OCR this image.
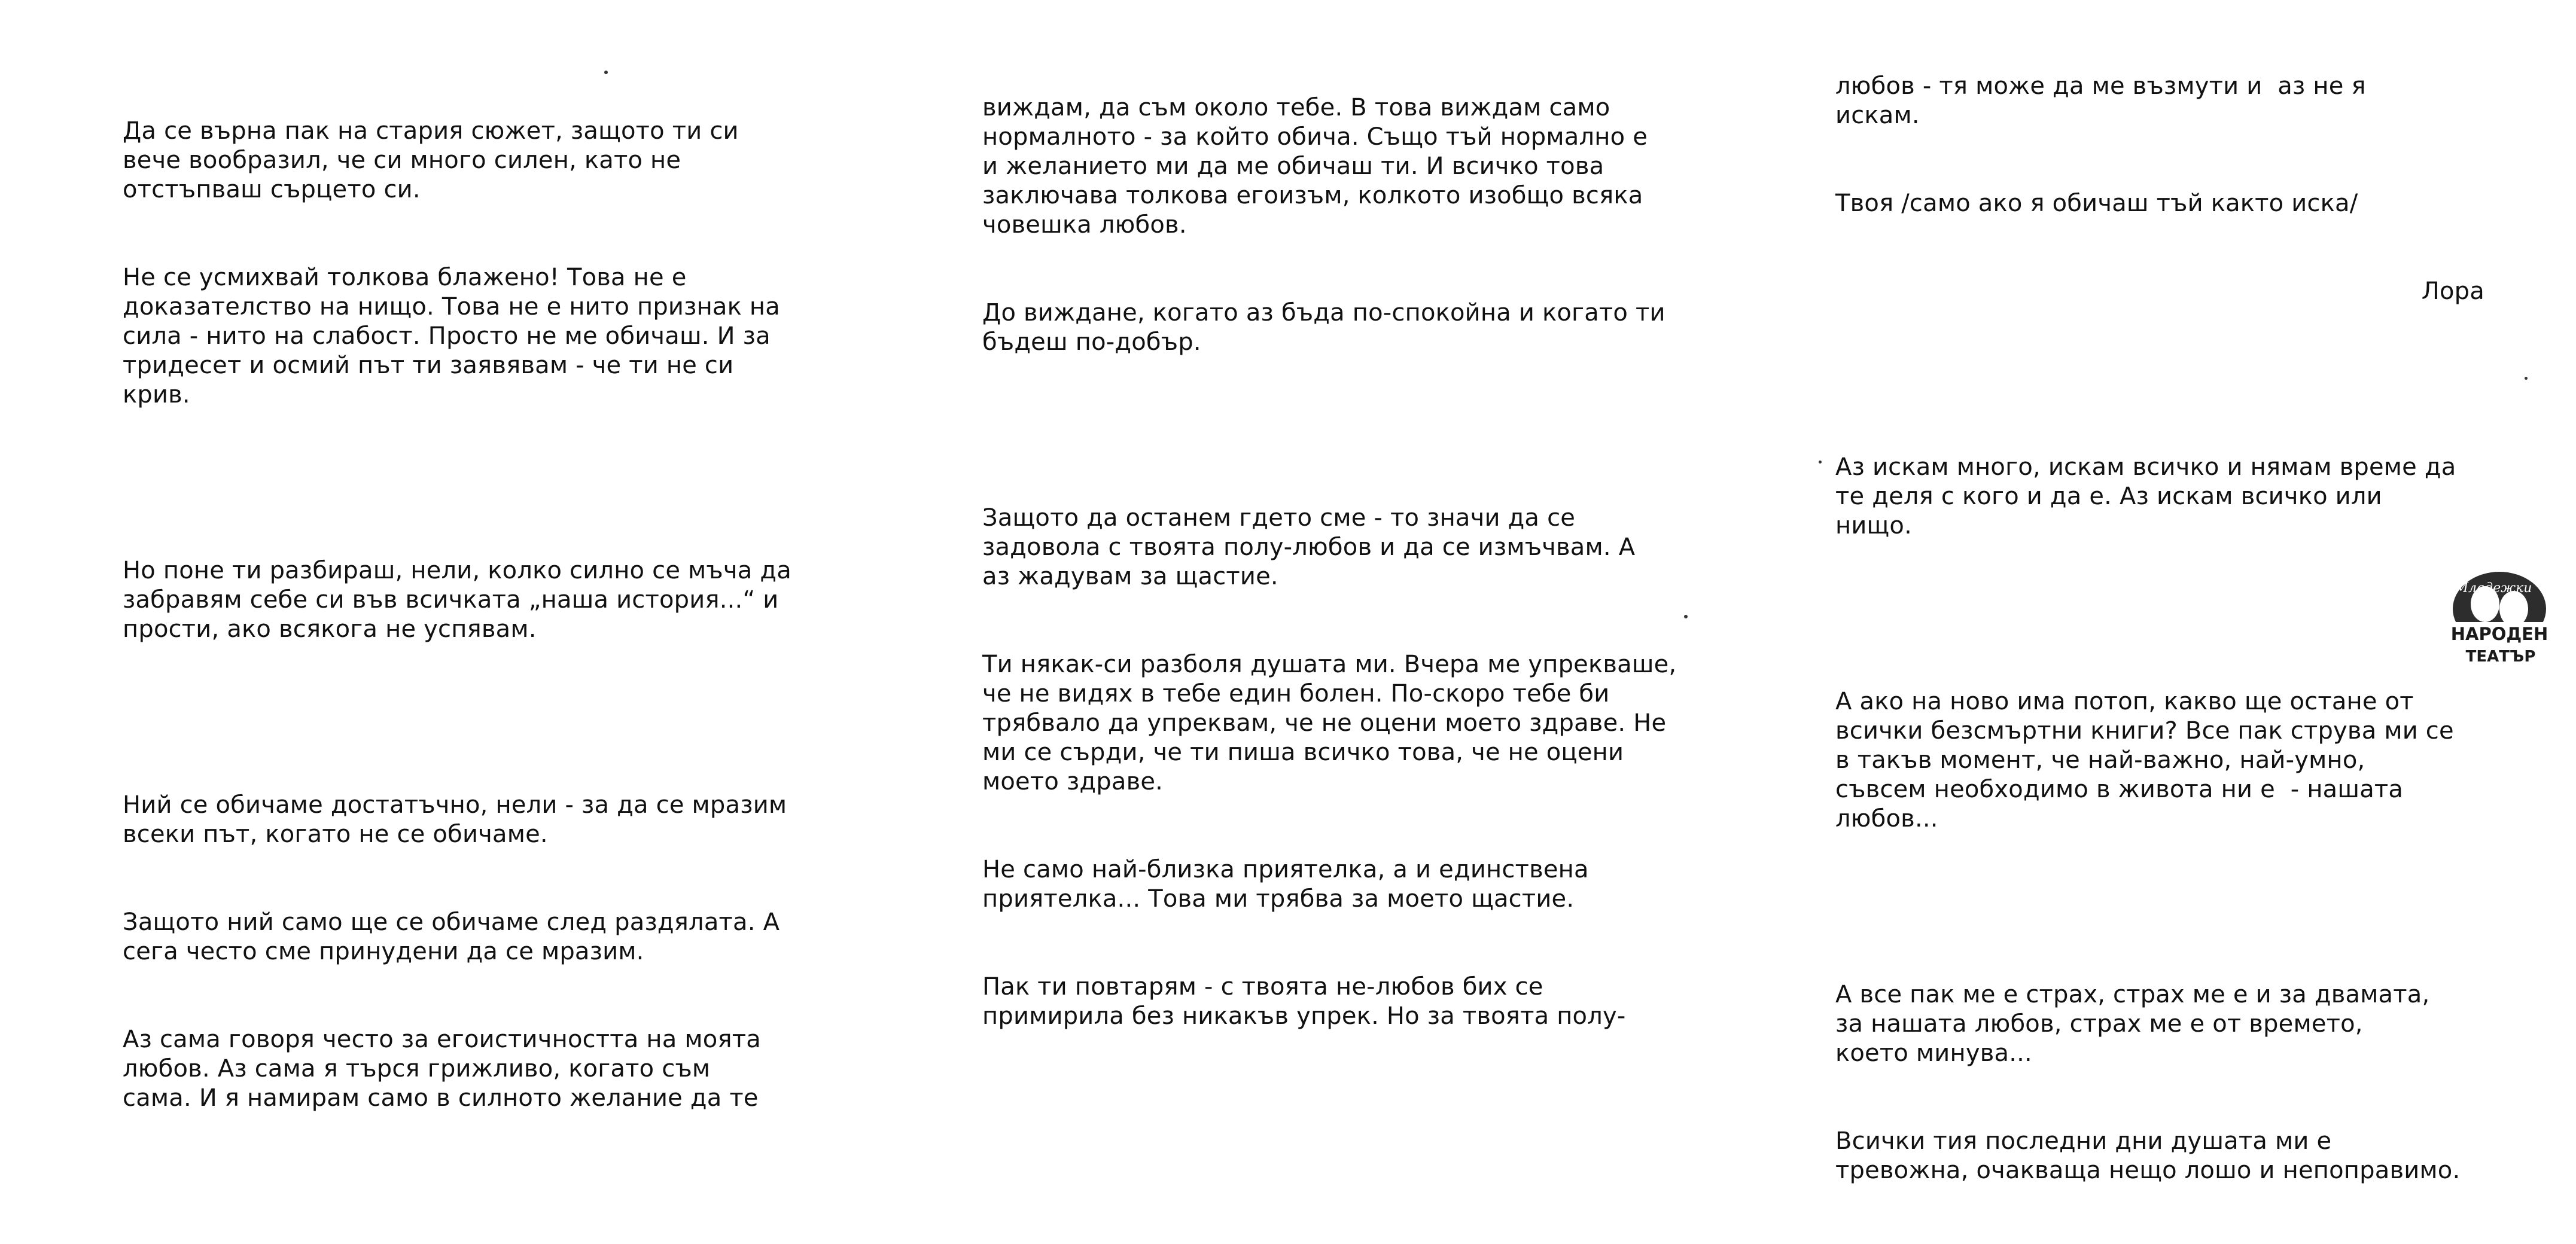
Да се върна пак на стария сюжет, защото ти си
вече вообразил, че си много силен, като не
отстъпваш сърцето си.

Не се усмихвай толкова блажено! Това не е
доказателство на нищо. Това не е нито признак на
сила - нито на слабост. Просто не ме обичаш. И за
тридесет и осмий път ти заявявам - че ти не си
крив.

Но поне ти разбираш, нели, колко силно се мъча да
забравям себе си във всичката „наша история...“ и
прости, ако всякога не успявам.

Ний се обичаме достатъчно, нели - за да се мразим
всеки път, когато не се обичаме.

Защото ний само ще се обичаме след раздялата. А
сега често сме принудени да се мразим.

Аз сама говоря често за егоистичността на моята
любов. Аз сама я търся грижливо, когато съм
сама. И я намирам само в силното желание да те

виждам, да съм около тебе. В това виждам само
нормалното - за който обича. Също тъй нормално е
и желанието ми да ме обичаш ти. И всичко това
заключава толкова егоизъм, колкото изобщо всяка
човешка любов.

До виждане, когато аз бъда по-спокойна и когато ти
бъдеш по-добър.

Защото да останем гдето сме - то значи да се
задовола с твоята полу-любов и да се измъчвам. А
аз жадувам за щастие.

Ти някак-си разболя душата ми. Вчера ме упрекваше,
че не видях в тебе един болен. По-скоро тебе би
трябвало да упреквам, че не оцени моето здраве. Не
ми се сърди, че ти пиша всичко това, че не оцени
моето здраве.

Не само най-близка приятелка, а и единствена
приятелка... Това ми трябва за моето щастие.

Пак ти повтарям - с твоята не-любов бих се
примирила без никакъв упрек. Но за твоята полу-

любов - тя може да ме възмути и  аз не я
искам.

Твоя /само ако я обичаш тъй както иска/

Лора

Аз искам много, искам всичко и нямам време да
те деля с кого и да е. Аз искам всичко или
нищо.

А ако на ново има потоп, какво ще остане от
всички безсмъртни книги? Все пак струва ми се
в такъв момент, че най-важно, най-умно,
съвсем необходимо в живота ни е  - нашата
любов...

А все пак ме е страх, страх ме е и за двамата,
за нашата любов, страх ме е от времето,
което минува...

Всички тия последни дни душата ми е
тревожна, очакваща нещо лошо и непоправимо.

Младежки
НАРОДЕН
ТЕАТЪР
